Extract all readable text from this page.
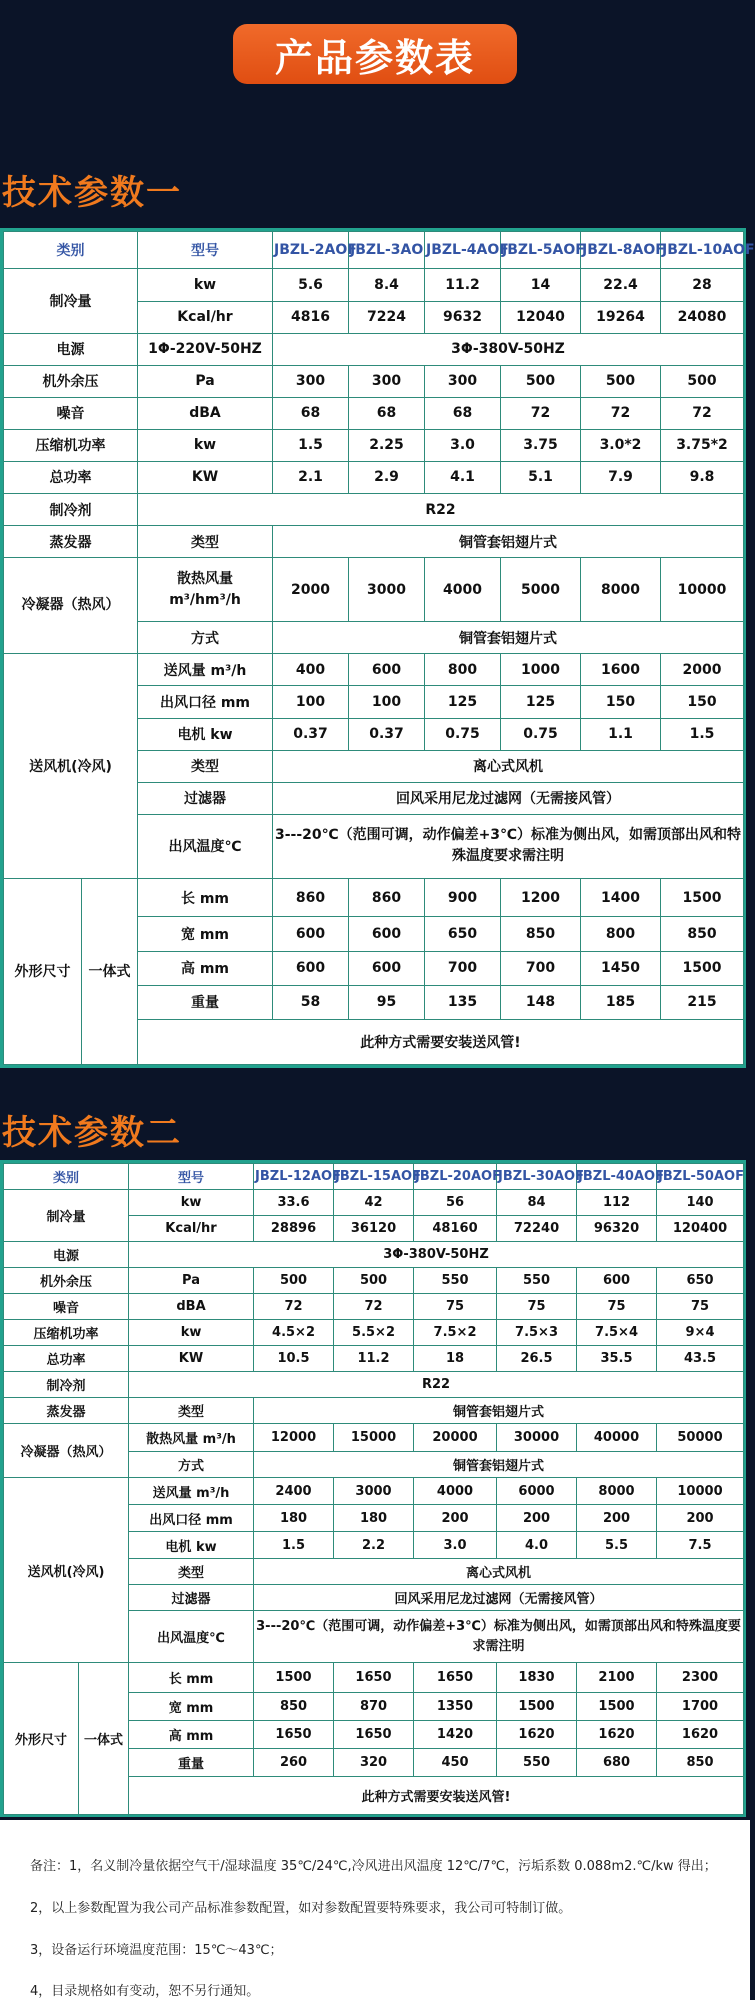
产品参数表
技术参数一
类别		型号	JBZL-2AOF	JBZL-3AO	JBZL-4AOF	JBZL-5AOF	JBZL-8AOF	JBZL-10AOF
制冷量		kw	5.6	8.4	11.2	14	22.4	28
		Kcal/hr	4816	7224	9632	12040	19264	24080
电源		1Φ-220V-50HZ	3Φ-380V-50HZ					
机外余压		Pa	300	300	300	500	500	500
噪音		dBA	68	68	68	72	72	72
压缩机功率		kw	1.5	2.25	3.0	3.75	3.0*2	3.75*2
总功率		KW	2.1	2.9	4.1	5.1	7.9	9.8
制冷剂		R22						
蒸发器		类型	铜管套铝翅片式					
冷凝器（热风）		散热风量 m³/hm³/h	2000	3000	4000	5000	8000	10000
		方式	铜管套铝翅片式					
送风机(冷风)		送风量 m³/h	400	600	800	1000	1600	2000
		出风口径 mm	100	100	125	125	150	150
		电机 kw	0.37	0.37	0.75	0.75	1.1	1.5
		类型	离心式风机					
		过滤器	回风采用尼龙过滤网（无需接风管）					
		出风温度℃	3---20℃（范围可调，动作偏差+3℃）标准为侧出风，如需顶部出风和特殊温度要求需注明					
外形尺寸	一体式	长 mm	860	860	900	1200	1400	1500
		宽 mm	600	600	650	850	800	850
		高 mm	600	600	700	700	1450	1500
		重量	58	95	135	148	185	215
		此种方式需要安装送风管!						
技术参数二
类别		型号	JBZL-12AOF	JBZL-15AOF	JBZL-20AOF	JBZL-30AOF	JBZL-40AOF	JBZL-50AOF
制冷量		kw	33.6	42	56	84	112	140
		Kcal/hr	28896	36120	48160	72240	96320	120400
电源		3Φ-380V-50HZ						
机外余压		Pa	500	500	550	550	600	650
噪音		dBA	72	72	75	75	75	75
压缩机功率		kw	4.5×2	5.5×2	7.5×2	7.5×3	7.5×4	9×4
总功率		KW	10.5	11.2	18	26.5	35.5	43.5
制冷剂		R22						
蒸发器		类型	铜管套铝翅片式					
冷凝器（热风）		散热风量 m³/h	12000	15000	20000	30000	40000	50000
		方式	铜管套铝翅片式					
送风机(冷风)		送风量 m³/h	2400	3000	4000	6000	8000	10000
		出风口径 mm	180	180	200	200	200	200
		电机 kw	1.5	2.2	3.0	4.0	5.5	7.5
		类型	离心式风机					
		过滤器	回风采用尼龙过滤网（无需接风管）					
		出风温度℃	3---20℃（范围可调，动作偏差+3℃）标准为侧出风，如需顶部出风和特殊温度要求需注明					
外形尺寸	一体式	长 mm	1500	1650	1650	1830	2100	2300
		宽 mm	850	870	1350	1500	1500	1700
		高 mm	1650	1650	1420	1620	1620	1620
		重量	260	320	450	550	680	850
		此种方式需要安装送风管!						
备注：1，名义制冷量依据空气干/湿球温度 35℃/24℃,冷风进出风温度 12℃/7℃，污垢系数 0.088m2.℃/kw 得出；
2，以上参数配置为我公司产品标准参数配置，如对参数配置要特殊要求，我公司可特制订做。
3，设备运行环境温度范围：15℃～43℃；
4，目录规格如有变动，恕不另行通知。
